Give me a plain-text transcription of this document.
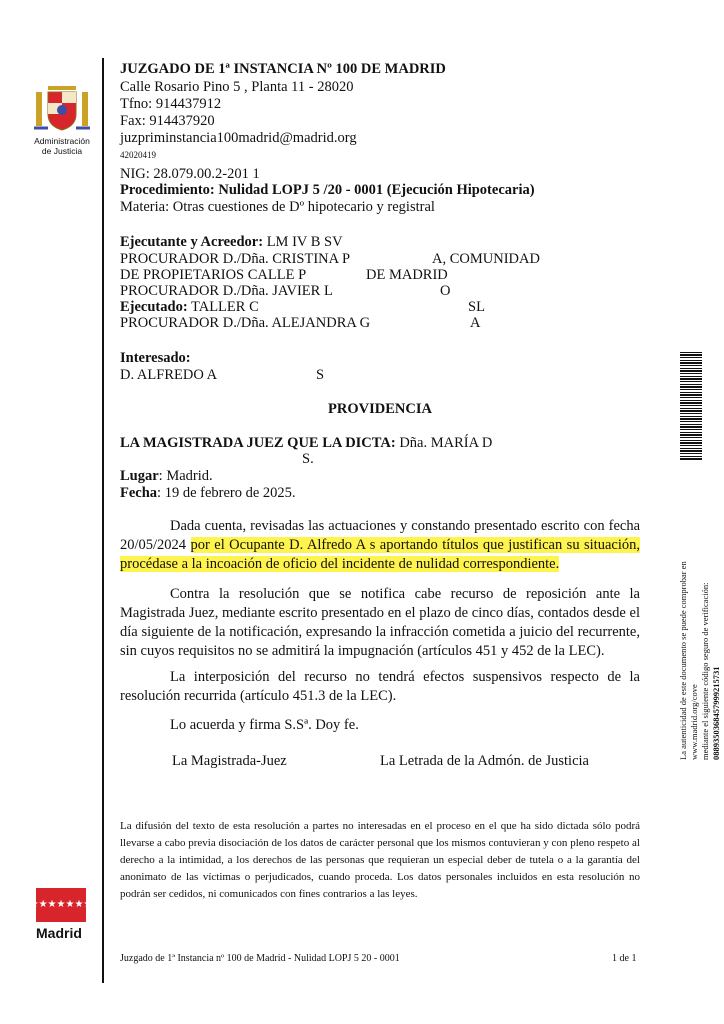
Administración
de Justicia
JUZGADO DE 1ª INSTANCIA Nº 100 DE MADRID
Calle Rosario Pino 5 , Planta 11 - 28020
Tfno: 914437912
Fax: 914437920
juzpriminstancia100madrid@madrid.org
42020419
NIG: 28.079.00.2-201 1
Procedimiento: Nulidad LOPJ 5 /20 - 0001 (Ejecución Hipotecaria)
Materia: Otras cuestiones de Dº hipotecario y registral
Ejecutante y Acreedor: LM IV B SV
PROCURADOR D./Dña. CRISTINA P	A, COMUNIDAD
DE PROPIETARIOS CALLE P	DE MADRID
PROCURADOR D./Dña. JAVIER L	O
Ejecutado: TALLER C	SL
PROCURADOR D./Dña. ALEJANDRA G	A
Interesado:
D. ALFREDO A	S
PROVIDENCIA
LA MAGISTRADA JUEZ QUE LA DICTA: Dña. MARÍA D
S.
Lugar: Madrid.
Fecha: 19 de febrero de 2025.
Dada cuenta, revisadas las actuaciones y constando presentado escrito con fecha 20/05/2024 por el Ocupante D. Alfredo A s aportando títulos que justifican su situación, procédase a la incoación de oficio del incidente de nulidad correspondiente.
Contra la resolución que se notifica cabe recurso de reposición ante la Magistrada Juez, mediante escrito presentado en el plazo de cinco días, contados desde el día siguiente de la notificación, expresando la infracción cometida a juicio del recurrente, sin cuyos requisitos no se admitirá la impugnación (artículos 451 y 452 de la LEC).
La interposición del recurso no tendrá efectos suspensivos respecto de la resolución recurrida (artículo 451.3 de la LEC).
Lo acuerda y firma S.Sª. Doy fe.
La Magistrada-Juez	La Letrada de la Admón. de Justicia
La difusión del texto de esta resolución a partes no interesadas en el proceso en el que ha sido dictada sólo podrá llevarse a cabo previa disociación de los datos de carácter personal que los mismos contuvieran y con pleno respeto al derecho a la intimidad, a los derechos de las personas que requieran un especial deber de tutela o a la garantía del anonimato de las víctimas o perjudicados, cuando proceda. Los datos personales incluidos en esta resolución no podrán ser cedidos, ni comunicados con fines contrarios a las leyes.
★★★★★★★
Madrid
Juzgado de 1ª Instancia nº 100 de Madrid - Nulidad LOPJ 5 20 - 0001	1 de 1
La autenticidad de este documento se puede comprobar en www.madrid.org/cove mediante el siguiente código seguro de verificación: 0889350368457999215731
